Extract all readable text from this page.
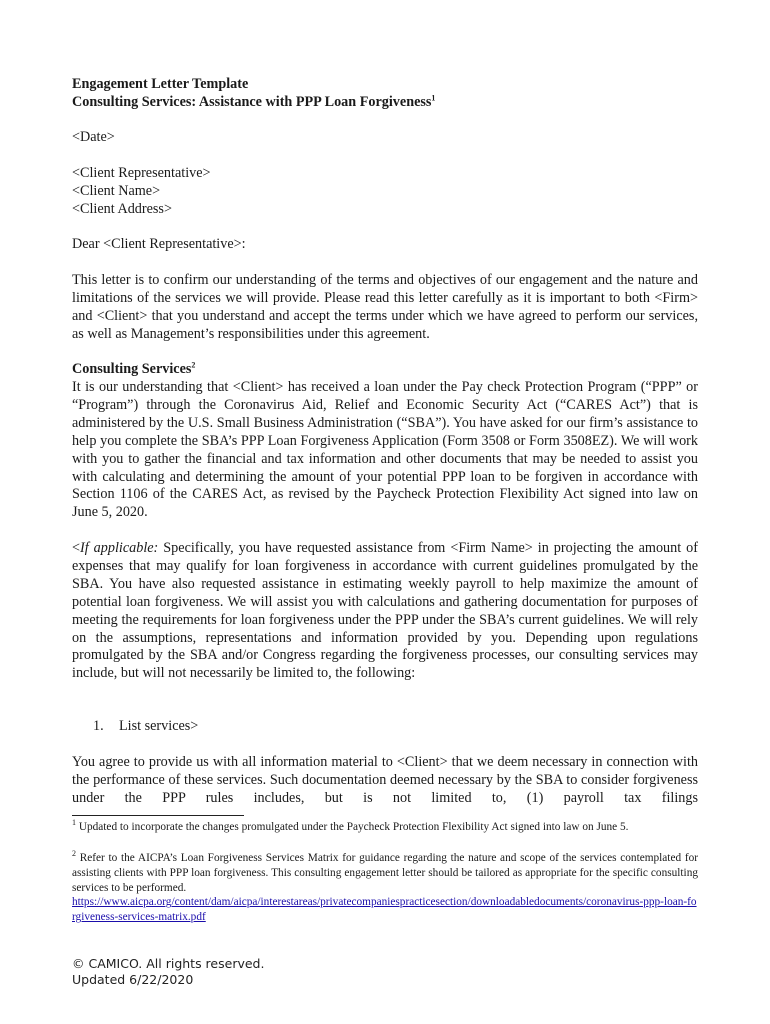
Engagement Letter Template
Consulting Services: Assistance with PPP Loan Forgiveness$^1$
<Date>
<Client Representative>
<Client Name>
<Client Address>
Dear <Client Representative>:
This letter is to confirm our understanding of the terms and objectives of our engagement and the nature and limitations of the services we will provide. Please read this letter carefully as it is important to both <Firm> and <Client> that you understand and accept the terms under which we have agreed to perform our services, as well as Management’s responsibilities under this agreement.
Consulting Services$^2$
It is our understanding that <Client> has received a loan under the Pay check Protection Program (“PPP” or “Program”) through the Coronavirus Aid, Relief and Economic Security Act (“CARES Act”) that is administered by the U.S. Small Business Administration (“SBA”). You have asked for our firm’s assistance to help you complete the SBA’s PPP Loan Forgiveness Application (Form 3508 or Form 3508EZ). We will work with you to gather the financial and tax information and other documents that may be needed to assist you with calculating and determining the amount of your potential PPP loan to be forgiven in accordance with Section 1106 of the CARES Act, as revised by the Paycheck Protection Flexibility Act signed into law on June 5, 2020.
<If applicable: Specifically, you have requested assistance from <Firm Name> in projecting the amount of expenses that may qualify for loan forgiveness in accordance with current guidelines promulgated by the SBA. You have also requested assistance in estimating weekly payroll to help maximize the amount of potential loan forgiveness. We will assist you with calculations and gathering documentation for purposes of meeting the requirements for loan forgiveness under the PPP under the SBA’s current guidelines. We will rely on the assumptions, representations and information provided by you. Depending upon regulations promulgated by the SBA and/or Congress regarding the forgiveness processes, our consulting services may include, but will not necessarily be limited to, the following:
1. List services>
You agree to provide us with all information material to <Client> that we deem necessary in connection with the performance of these services. Such documentation deemed necessary by the SBA to consider forgiveness under the PPP rules includes, but is not limited to, (1) payroll tax filings
$^1$ Updated to incorporate the changes promulgated under the Paycheck Protection Flexibility Act signed into law on June 5.
$^2$ Refer to the AICPA’s Loan Forgiveness Services Matrix for guidance regarding the nature and scope of the services contemplated for assisting clients with PPP loan forgiveness. This consulting engagement letter should be tailored as appropriate for the specific consulting services to be performed.
https://www.aicpa.org/content/dam/aicpa/interestareas/privatecompaniespracticesection/downloadabledocuments/coronavirus-ppp-loan-forgiveness-services-matrix.pdf
© CAMICO. All rights reserved.
Updated 6/22/2020
